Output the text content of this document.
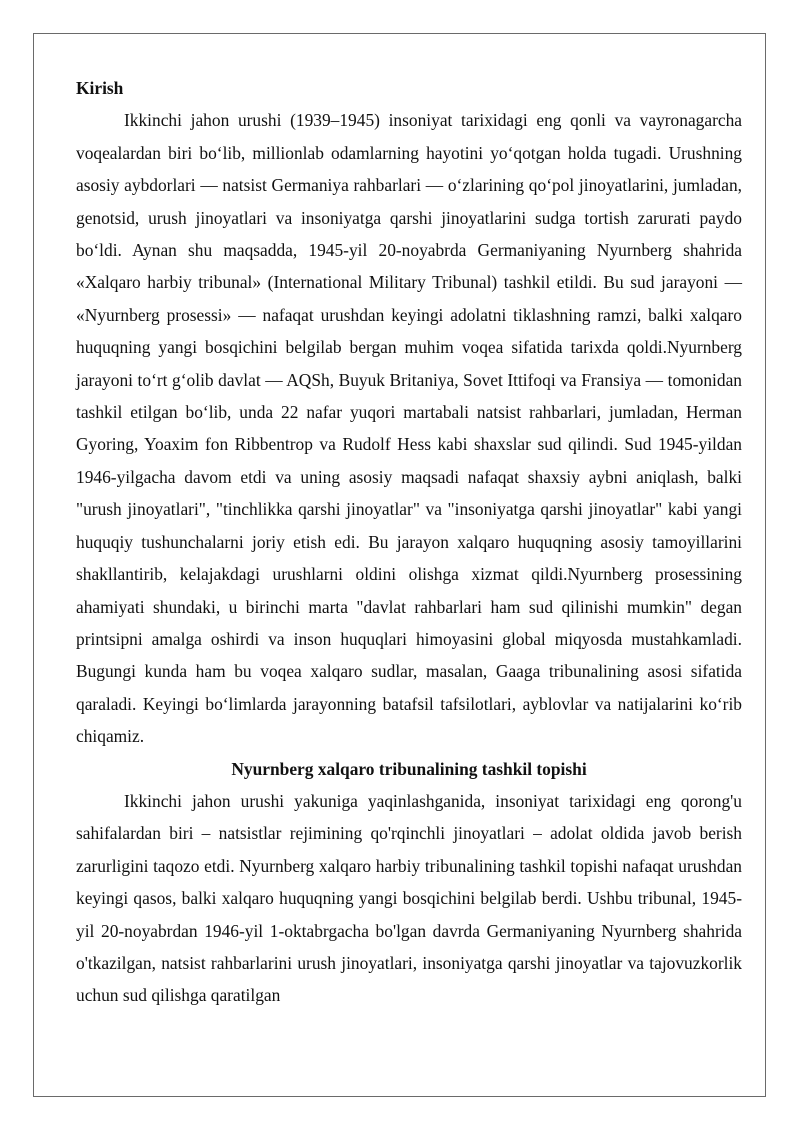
Kirish

Ikkinchi jahon urushi (1939–1945) insoniyat tarixidagi eng qonli va vayronagarcha voqealardan biri bo‘lib, millionlab odamlarning hayotini yo‘qotgan holda tugadi. Urushning asosiy aybdorlari — natsist Germaniya rahbarlari — o‘zlarining qo‘pol jinoyatlarini, jumladan, genotsid, urush jinoyatlari va insoniyatga qarshi jinoyatlarini sudga tortish zarurati paydo bo‘ldi. Aynan shu maqsadda, 1945-yil 20-noyabrda Germaniyaning Nyurnberg shahrida «Xalqaro harbiy tribunal» (International Military Tribunal) tashkil etildi. Bu sud jarayoni — «Nyurnberg prosessi» — nafaqat urushdan keyingi adolatni tiklashning ramzi, balki xalqaro huquqning yangi bosqichini belgilab bergan muhim voqea sifatida tarixda qoldi.Nyurnberg jarayoni to‘rt g‘olib davlat — AQSh, Buyuk Britaniya, Sovet Ittifoqi va Fransiya — tomonidan tashkil etilgan bo‘lib, unda 22 nafar yuqori martabali natsist rahbarlari, jumladan, Herman Gyoring, Yoaxim fon Ribbentrop va Rudolf Hess kabi shaxslar sud qilindi. Sud 1945-yildan 1946-yilgacha davom etdi va uning asosiy maqsadi nafaqat shaxsiy aybni aniqlash, balki "urush jinoyatlari", "tinchlikka qarshi jinoyatlar" va "insoniyatga qarshi jinoyatlar" kabi yangi huquqiy tushunchalarni joriy etish edi. Bu jarayon xalqaro huquqning asosiy tamoyillarini shakllantirib, kelajakdagi urushlarni oldini olishga xizmat qildi.Nyurnberg prosessining ahamiyati shundaki, u birinchi marta "davlat rahbarlari ham sud qilinishi mumkin" degan printsipni amalga oshirdi va inson huquqlari himoyasini global miqyosda mustahkamladi. Bugungi kunda ham bu voqea xalqaro sudlar, masalan, Gaaga tribunalining asosi sifatida qaraladi. Keyingi bo‘limlarda jarayonning batafsil tafsilotlari, ayblovlar va natijalarini ko‘rib chiqamiz.

Nyurnberg xalqaro tribunalining tashkil topishi

Ikkinchi jahon urushi yakuniga yaqinlashganida, insoniyat tarixidagi eng qorong'u sahifalardan biri – natsistlar rejimining qo'rqinchli jinoyatlari – adolat oldida javob berish zarurligini taqozo etdi. Nyurnberg xalqaro harbiy tribunalining tashkil topishi nafaqat urushdan keyingi qasos, balki xalqaro huquqning yangi bosqichini belgilab berdi. Ushbu tribunal, 1945-yil 20-noyabrdan 1946-yil 1-oktabrgacha bo'lgan davrda Germaniyaning Nyurnberg shahrida o'tkazilgan, natsist rahbarlarini urush jinoyatlari, insoniyatga qarshi jinoyatlar va tajovuzkorlik uchun sud qilishga qaratilgan
